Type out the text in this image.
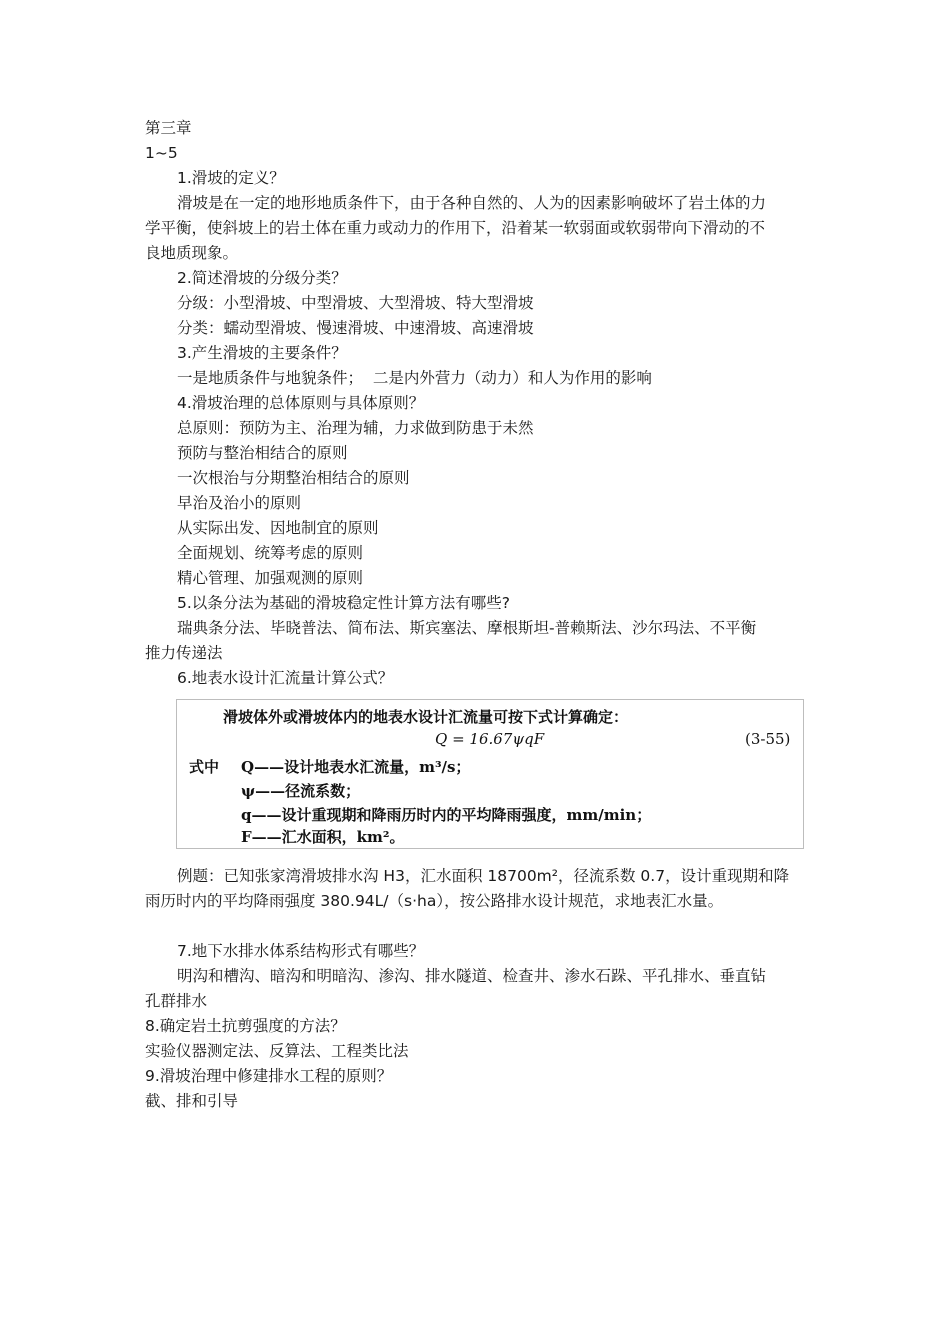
第三章
1~5
1.滑坡的定义？
滑坡是在一定的地形地质条件下，由于各种自然的、人为的因素影响破坏了岩土体的力
学平衡，使斜坡上的岩土体在重力或动力的作用下，沿着某一软弱面或软弱带向下滑动的不
良地质现象。
2.简述滑坡的分级分类？
分级：小型滑坡、中型滑坡、大型滑坡、特大型滑坡
分类：蠕动型滑坡、慢速滑坡、中速滑坡、高速滑坡
3.产生滑坡的主要条件？
一是地质条件与地貌条件；  二是内外营力（动力）和人为作用的影响
4.滑坡治理的总体原则与具体原则？
总原则：预防为主、治理为辅，力求做到防患于未然
预防与整治相结合的原则
一次根治与分期整治相结合的原则
早治及治小的原则
从实际出发、因地制宜的原则
全面规划、统筹考虑的原则
精心管理、加强观测的原则
5.以条分法为基础的滑坡稳定性计算方法有哪些?
瑞典条分法、毕晓普法、简布法、斯宾塞法、摩根斯坦-普赖斯法、沙尔玛法、不平衡
推力传递法
6.地表水设计汇流量计算公式？
滑坡体外或滑坡体内的地表水设计汇流量可按下式计算确定：
Q = 16.67ψqF	(3-55)
式中 Q——设计地表水汇流量，m³/s；
ψ——径流系数；
q——设计重现期和降雨历时内的平均降雨强度，mm/min；
F——汇水面积，km²。
例题：已知张家湾滑坡排水沟 H3，汇水面积 18700m²，径流系数 0.7，设计重现期和降
雨历时内的平均降雨强度 380.94L/（s·ha），按公路排水设计规范，求地表汇水量。
7.地下水排水体系结构形式有哪些？
明沟和槽沟、暗沟和明暗沟、渗沟、排水隧道、检查井、渗水石跺、平孔排水、垂直钻
孔群排水
8.确定岩土抗剪强度的方法？
实验仪器测定法、反算法、工程类比法
9.滑坡治理中修建排水工程的原则？
截、排和引导
